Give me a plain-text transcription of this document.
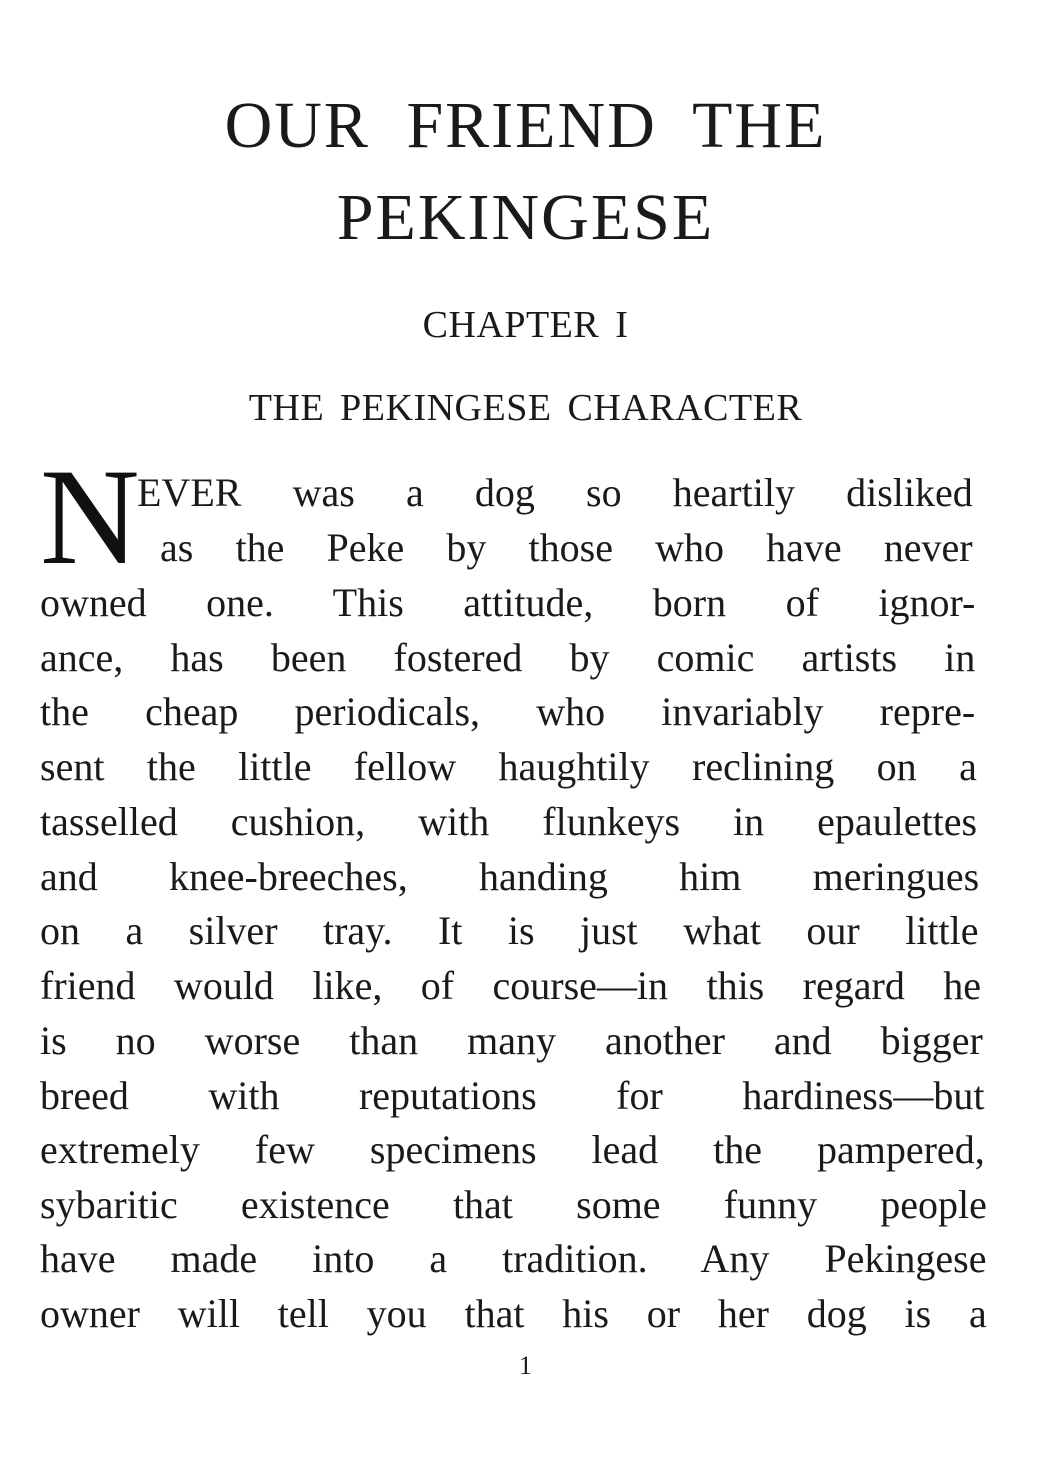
OUR FRIEND THE
PEKINGESE
CHAPTER I
THE PEKINGESE CHARACTER
N
EVER was a dog so heartily disliked
as the Peke by those who have never
owned one. This attitude, born of ignor-
ance, has been fostered by comic artists in
the cheap periodicals, who invariably repre-
sent the little fellow haughtily reclining on a
tasselled cushion, with flunkeys in epaulettes
and knee-breeches, handing him meringues
on a silver tray. It is just what our little
friend would like, of course—in this regard he
is no worse than many another and bigger
breed with reputations for hardiness—but
extremely few specimens lead the pampered,
sybaritic existence that some funny people
have made into a tradition. Any Pekingese
owner will tell you that his or her dog is a
1
